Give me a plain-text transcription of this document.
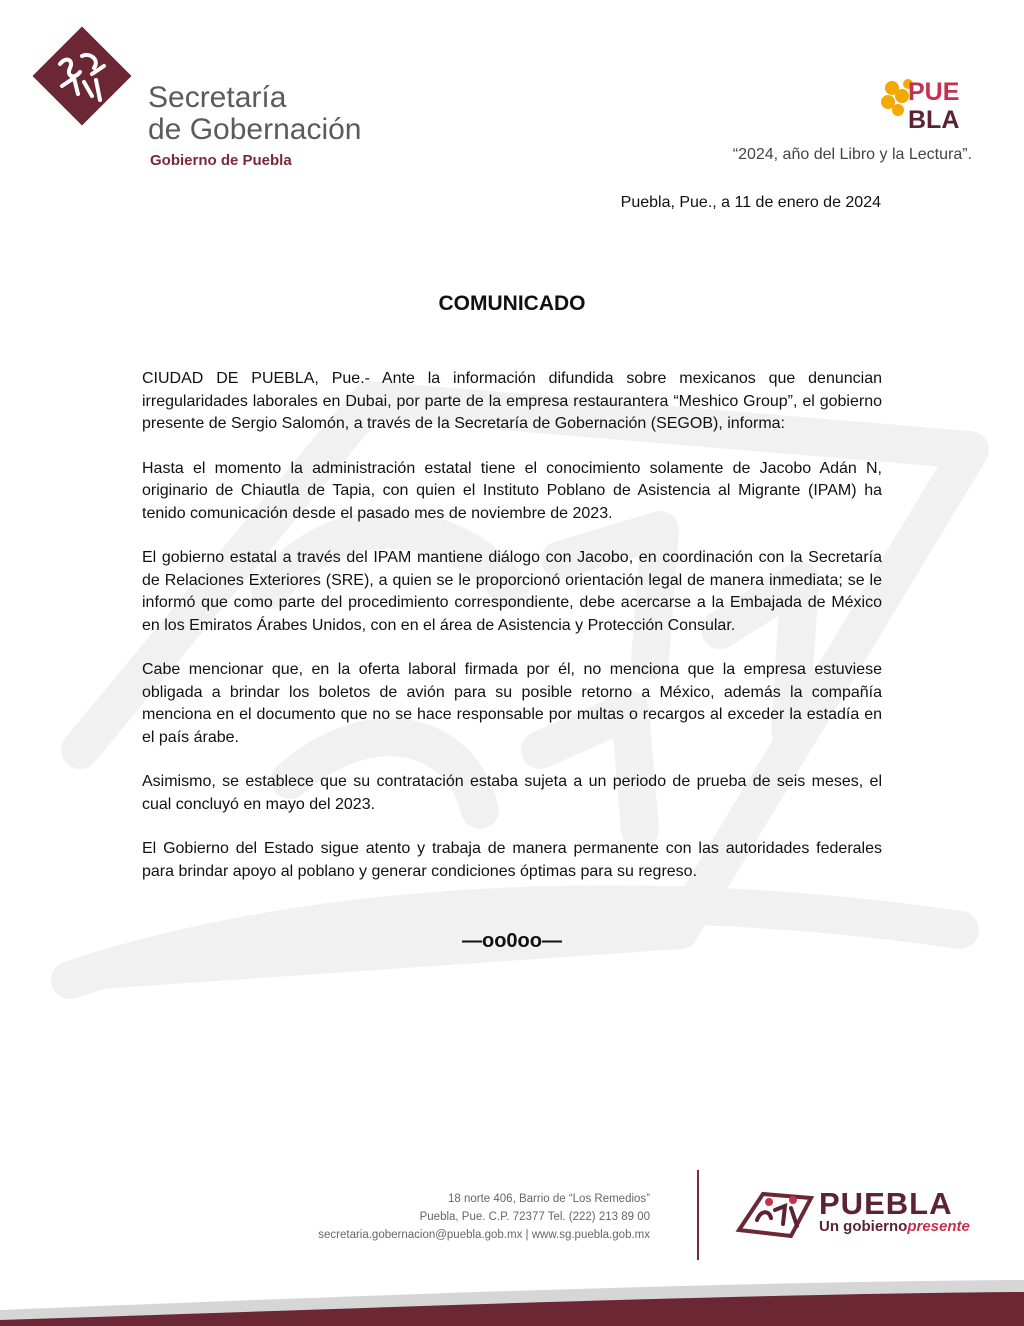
Secretaría
de Gobernación
Gobierno de Puebla
PUE
BLA
“2024, año del Libro y la Lectura”.
Puebla, Pue., a 11 de enero de 2024
COMUNICADO

CIUDAD DE PUEBLA, Pue.- Ante la información difundida sobre mexicanos que denuncian irregularidades laborales en Dubai, por parte de la empresa restaurantera “Meshico Group”, el gobierno presente de Sergio Salomón, a través de la Secretaría de Gobernación (SEGOB), informa:

Hasta el momento la administración estatal tiene el conocimiento solamente de Jacobo Adán N, originario de Chiautla de Tapia, con quien el Instituto Poblano de Asistencia al Migrante (IPAM) ha tenido comunicación desde el pasado mes de noviembre de 2023.

El gobierno estatal a través del IPAM mantiene diálogo con Jacobo, en coordinación con la Secretaría de Relaciones Exteriores (SRE), a quien se le proporcionó orientación legal de manera inmediata; se le informó que como parte del procedimiento correspondiente, debe acercarse a la Embajada de México en los Emiratos Árabes Unidos, con en el área de Asistencia y Protección Consular.

Cabe mencionar que, en la oferta laboral firmada por él, no menciona que la empresa estuviese obligada a brindar los boletos de avión para su posible retorno a México, además la compañía menciona en el documento que no se hace responsable por multas o recargos al exceder la estadía en el país árabe.

Asimismo, se establece que su contratación estaba sujeta a un periodo de prueba de seis meses, el cual concluyó en mayo del 2023.

El Gobierno del Estado sigue atento y trabaja de manera permanente con las autoridades federales para brindar apoyo al poblano y generar condiciones óptimas para su regreso.

—oo0oo—
18 norte 406, Barrio de “Los Remedios”
Puebla, Pue. C.P. 72377 Tel. (222) 213 89 00
secretaria.gobernacion@puebla.gob.mx | www.sg.puebla.gob.mx
PUEBLA
Un gobiernopresente
